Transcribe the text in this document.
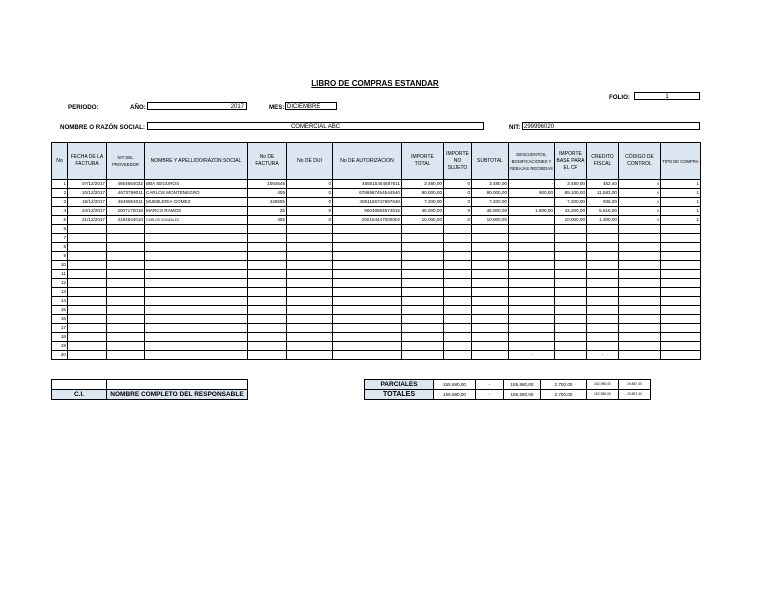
LIBRO DE COMPRAS ESTANDAR
FOLIO:	1
PERIODO:	AÑO:	2017	MES: DICIEMBRE
NOMBRE O RAZÓN SOCIAL:	COMERCIAL ABC	NIT: 299996020
No	FECHA DE LA FACTURA	NIT DEL PROVEEDOR	NOMBRE Y APELLIDO/RAZON SOCIAL	No DE FACTURA	No DE DUI	No DE AUTORIZACION	IMPORTE TOTAL	IMPORTE NO SUJETO	SUBTOTAL	DESCUENTOS, BONIFICACIONES Y REBAJAS RECIBIDAS	IMPORTE BASE PARA EL CF	CREDITO FISCAL	CÓDIGO DE CONTROL	TIPO DE COMPRA
1	07/12/2017	4654654022	BBA SEGUROS	1564545	0	465515454687811	3.480,00	0	3.480,00	-	3.480,00	452,40	0	1
2	10/12/2017	4673799011	CARLOS MONTENEGRO	405	0	6786987454544540	90.000,00	0	90.000,00	900,00	89.100,00	11.583,00	0	1
3	15/12/2017	4646854011	MUEBLERIA GOMEZ	445555	0	4051156747897640	7.200,00	0	7.200,00		7.200,00	936,00	0	1
4	24/12/2017	2007170018	MARCO RAMOS	25	0	90048554574515	45.000,00	0	45.000,00	1.800,00	43.200,00	5.616,00	0	1
5	31/12/2017	4184544010	CARLOS GONZALEZ	455	0	200154447000002	10.000,00	0	10.000,00		10.000,00	1.300,00	0	1
6														
7														
8														
9														
10														
11														
12														
13														
14														
15														
16														
17														
18														
19														
20										-		-		
			PARCIALES	155.680,00	-	155.680,00	2.700,00	152.980,00	19.887,40	
C.I.	NOMBRE COMPLETO DEL RESPONSABLE		TOTALES	155.680,00	-	155.680,00	2.700,00	152.980,00	19.887,40	
